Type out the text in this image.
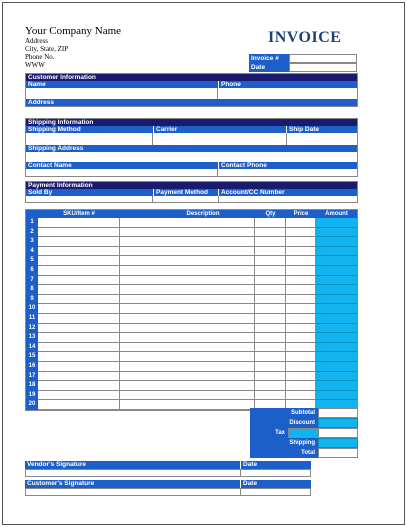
Your Company Name
Address
City, State, ZIP
Phone No.
WWW
INVOICE
Invoice #
Date
Customer Information
Name	Phone
Address
Shipping Information
Shipping Method	Carrier	Ship Date
Shipping Address
Contact Name	Contact Phone
Payment Information
Sold By	Payment Method	Account/CC Number
SKU/Item #	Description	Qty	Price	Amount
1
2
3
4
5
6
7
8
9
10
11
12
13
14
15
16
17
18
19
20
Subtotal
Discount
Tax
Shipping
Total
Vendor's Signature	Date
Customer's Signature	Date
